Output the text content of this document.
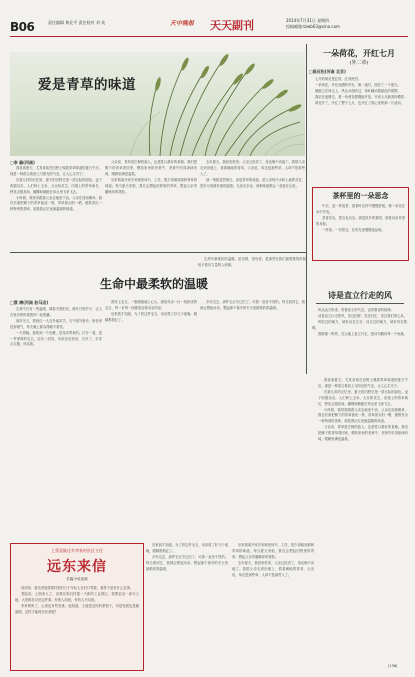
B06	责任编辑 黄北平 责任校对 刘 英	天中晚报 天天副刊	2014年7月31日 星期四
投稿邮箱:tzwb63@sina.com
爱是青草的味道
□李 磊(河南)

我喜欢夏天，尤其喜欢在田野上嗅着青草味道的夏日午后。那是一种混合着泥土与阳光的气息，让人心生安宁。

在我儿时的记忆里，夏天的田野总是一望无际的绿色。麦子收割以后，人们种上玉米、大豆和花生，田埂上的青草疯长，野花点缀其间，蝴蝶和蜻蜓在草丛里飞来飞去。

小时候，我常常跟着父亲去地里干活。父亲在前面锄草，我在后面把锄下的青草拢成一堆，青草被太阳一晒，便散发出一种特别的香味，那是我记忆里最温暖的味道。

父亲说，青草是庄稼的敌人，也是牲口最好的食粮。我们把锄下的青草背回家，喂给家里的老黄牛，老黄牛吃得津津有味，眼睛里满是温柔。

后来我离开家乡到城里读书、工作，很少再闻到那种青草的味道。每当夏天来临，我总会想起田野里的青草，想起父亲弯腰锄草的背影。

去年夏天，我回到老家，父亲已经老了，再也锄不动地了。我陪父亲走到田埂上，看着满地的青草，父亲说，草还是那些草，人却不是那些人了。

那一刻我忽然明白，爱是青草的味道，是父亲的汗水和土地的芬芳，是岁月里最朴素的温情。无论走多远，那种味道都会一直留在心里。

一朵荷花，开红七月
(外二章)
□陈应松(河南 北京)

七月的荷花是红的，红得热烈。

一朵荷花，开在池塘的中央，像一盏灯，照亮了一个夏天。

蜻蜓立在荷尖上，风从水面吹过，荷叶翻动着绿色的裙摆。

我站在池塘边，看一朵荷花慢慢地开放，开成七月最美的模样。

荷花开了，开红了整个七月，也开红了我心里的那一片清凉。

茶杯里的一朵思念

午后，泡一杯清茶，看茶叶在杯中慢慢舒展，像一朵花在水中开放。

茶香袅袅，思念也袅袅。那是故乡的茶园，那是母亲采茶的身影。

一杯茶，一份思念，在时光里慢慢地品味。

诗是直立行走的风

风从远方吹来，带着泥土的气息，也带着诗的韵律。

诗是直立行走的风，穿过田野，穿过村庄，穿过我们的心灵。

风吹过的地方，就有诗在生长；诗走过的地方，就有风在歌唱。

我愿做一阵风，在大地上直立行走，把诗句撒向每一个角落。

生命中最柔软的温暖

生命中最柔软的温暖，是亲情，是母爱，是那些在我们最需要的时候给予我们力量的人和事。

□蔡 梅(河南 驻马店)

生命中总有一些温暖，像春天的阳光，像冬日的炉火，让人在寒冷的时候感到一丝慰藉。

那年冬天，我独自一人在外地求学，天气格外寒冷，宿舍里没有暖气，每天晚上都冻得睡不着觉。

一天傍晚，我收到一个包裹，是母亲寄来的。打开一看，是一件厚厚的毛衣，还有一封信。母亲在信里说，天冷了，多穿点衣服，别冻着。

我穿上毛衣，一股暖流涌上心头。那是母亲一针一线织成的毛衣，每一针每一线都饱含着母亲的爱。

后来我才知道，为了织这件毛衣，母亲熬了好几个夜晚，眼睛都熬红了。

多年过去，那件毛衣早已旧了，可我一直舍不得扔。每当看到它，我就会想起母亲，想起那个寒冷的冬天里最柔软的温暖。

上蔡县陆庄乡李家村社区主任
远东来信
长篇小说连载

回到家，看见老陆带着村里的几个年轻人在村口等着，看样子是有什么急事。

老陆说，上面来人了，说要在咱们村建一个新的工业园区，需要征用一部分土地，大家都在议论这件事，有的人同意，有的人不同意。

李家明听了，心里也有些犯难。他知道，土地是农民的命根子，可是发展也是硬道理，怎样才能两全其美呢？

后来我才知道，为了织这件毛衣，母亲熬了好几个夜晚，眼睛都熬红了。

多年过去，那件毛衣早已旧了，可我一直舍不得扔。每当看到它，我就会想起母亲，想起那个寒冷的冬天里最柔软的温暖。

后来我离开家乡到城里读书、工作，很少再闻到那种青草的味道。每当夏天来临，我总会想起田野里的青草，想起父亲弯腰锄草的背影。

去年夏天，我回到老家，父亲已经老了，再也锄不动地了。我陪父亲走到田埂上，看着满地的青草，父亲说，草还是那些草，人却不是那些人了。

我喜欢夏天，尤其喜欢在田野上嗅着青草味道的夏日午后。那是一种混合着泥土与阳光的气息，让人心生安宁。

在我儿时的记忆里，夏天的田野总是一望无际的绿色。麦子收割以后，人们种上玉米、大豆和花生，田埂上的青草疯长，野花点缀其间，蝴蝶和蜻蜓在草丛里飞来飞去。

小时候，我常常跟着父亲去地里干活。父亲在前面锄草，我在后面把锄下的青草拢成一堆，青草被太阳一晒，便散发出一种特别的香味，那是我记忆里最温暖的味道。

父亲说，青草是庄稼的敌人，也是牲口最好的食粮。我们把锄下的青草背回家，喂给家里的老黄牛，老黄牛吃得津津有味，眼睛里满是温柔。

(136)
